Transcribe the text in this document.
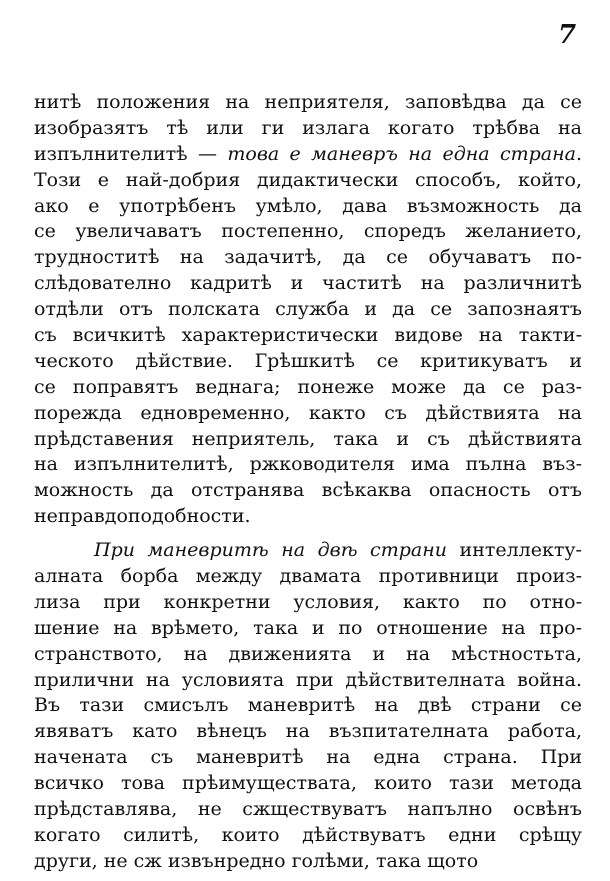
7
нитѣ положения на неприятеля, заповѣдва да се
изобразятъ тѣ или ги излага когато трѣбва на
изпълнителитѣ — това е маневръ на една страна.
Този е най-добрия дидактически способъ, който,
ако е употрѣбенъ умѣло, дава възможность да
се увеличаватъ постепенно, споредъ желанието,
трудноститѣ на задачитѣ, да се обучаватъ по-
слѣдователно кадритѣ и частитѣ на различнитѣ
отдѣли отъ полската служба и да се запознаятъ
съ всичкитѣ характеристически видове на такти-
ческото дѣйствие. Грѣшкитѣ се критикуватъ и
се поправятъ веднага; понеже може да се раз-
порежда едновременно, както съ дѣйствията на
прѣдставения неприятель, така и съ дѣйствията
на изпълнителитѣ, ржководителя има пълна въз-
можность да отстранява всѣкаква опасность отъ
неправдоподобности.
При маневритѣ на двѣ страни интеллекту-
алната борба между двамата противници произ-
лиза при конкретни условия, както по отно-
шение на врѣмето, така и по отношение на про-
странството, на движенията и на мѣстностьта,
прилични на условията при дѣйствителната война.
Въ тази смисълъ маневритѣ на двѣ страни се
явяватъ като вѣнецъ на възпитателната работа,
начената съ маневритѣ на една страна. При
всичко това прѣимуществата, които тази метода
прѣдставлява, не сжществуватъ напълно освѣнъ
когато силитѣ, които дѣйствуватъ едни срѣщу
други, не сж извънредно голѣми, така щото
